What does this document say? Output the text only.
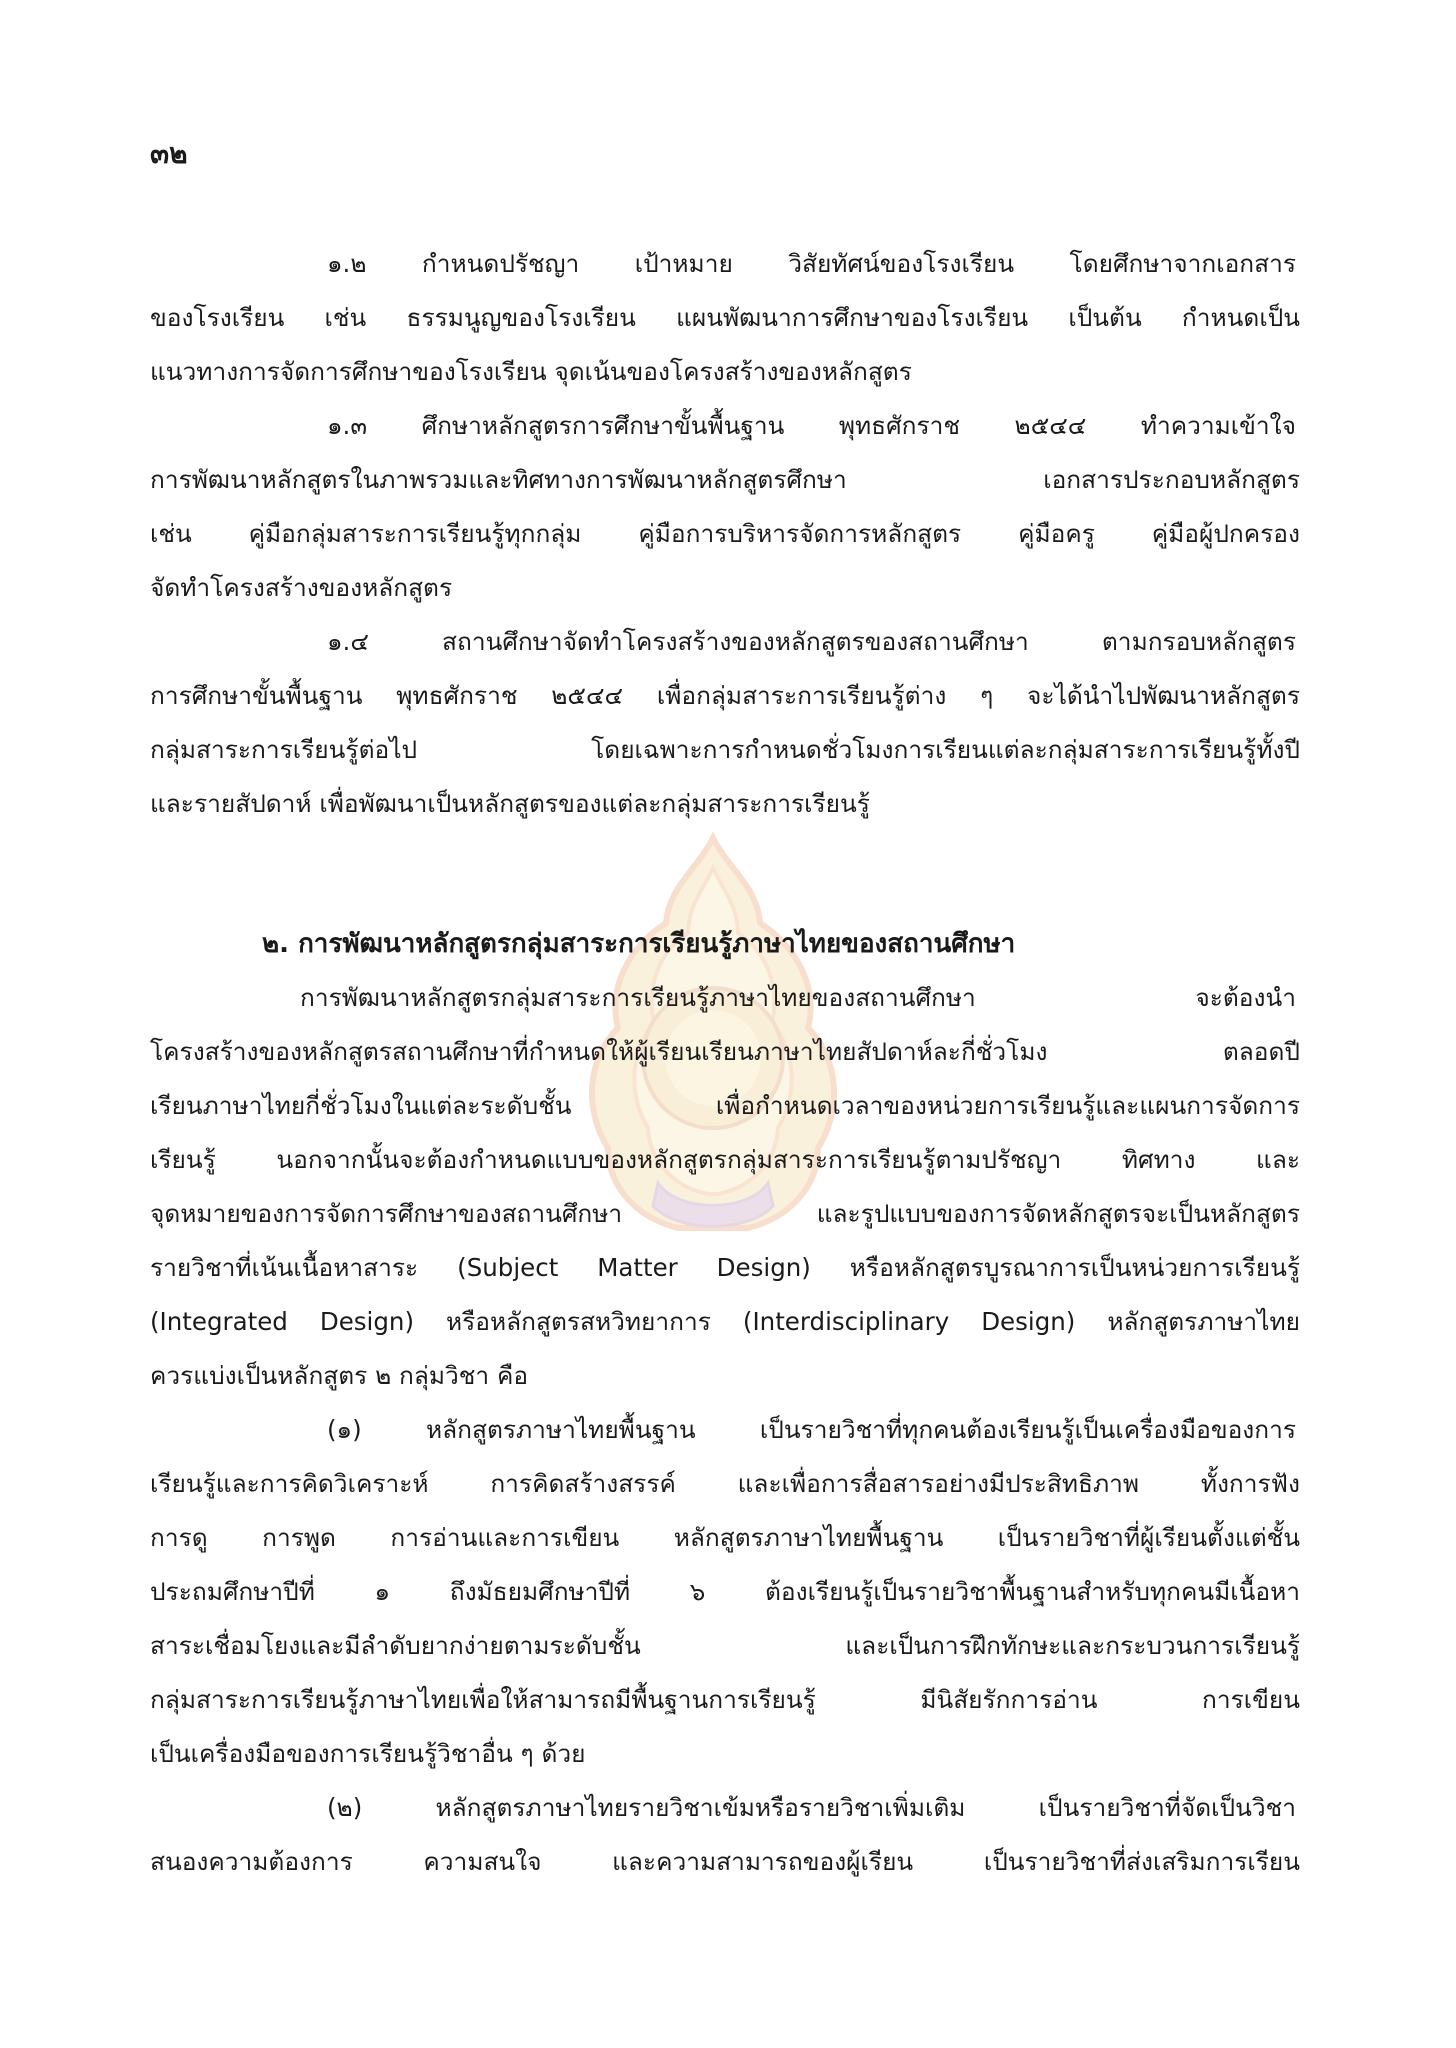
๓๒
๑.๒ กำหนดปรัชญา เป้าหมาย วิสัยทัศน์ของโรงเรียน โดยศึกษาจากเอกสาร
ของโรงเรียน เช่น ธรรมนูญของโรงเรียน แผนพัฒนาการศึกษาของโรงเรียน เป็นต้น กำหนดเป็น
แนวทางการจัดการศึกษาของโรงเรียน จุดเน้นของโครงสร้างของหลักสูตร
๑.๓ ศึกษาหลักสูตรการศึกษาขั้นพื้นฐาน พุทธศักราช ๒๕๔๔ ทำความเข้าใจ
การพัฒนาหลักสูตรในภาพรวมและทิศทางการพัฒนาหลักสูตรศึกษา เอกสารประกอบหลักสูตร
เช่น คู่มือกลุ่มสาระการเรียนรู้ทุกกลุ่ม คู่มือการบริหารจัดการหลักสูตร คู่มือครู คู่มือผู้ปกครอง
จัดทำโครงสร้างของหลักสูตร
๑.๔ สถานศึกษาจัดทำโครงสร้างของหลักสูตรของสถานศึกษา ตามกรอบหลักสูตร
การศึกษาขั้นพื้นฐาน พุทธศักราช ๒๕๔๔ เพื่อกลุ่มสาระการเรียนรู้ต่าง ๆ จะได้นำไปพัฒนาหลักสูตร
กลุ่มสาระการเรียนรู้ต่อไป โดยเฉพาะการกำหนดชั่วโมงการเรียนแต่ละกลุ่มสาระการเรียนรู้ทั้งปี
และรายสัปดาห์ เพื่อพัฒนาเป็นหลักสูตรของแต่ละกลุ่มสาระการเรียนรู้
๒. การพัฒนาหลักสูตรกลุ่มสาระการเรียนรู้ภาษาไทยของสถานศึกษา
การพัฒนาหลักสูตรกลุ่มสาระการเรียนรู้ภาษาไทยของสถานศึกษา จะต้องนำ
โครงสร้างของหลักสูตรสถานศึกษาที่กำหนดให้ผู้เรียนเรียนภาษาไทยสัปดาห์ละกี่ชั่วโมง ตลอดปี
เรียนภาษาไทยกี่ชั่วโมงในแต่ละระดับชั้น เพื่อกำหนดเวลาของหน่วยการเรียนรู้และแผนการจัดการ
เรียนรู้ นอกจากนั้นจะต้องกำหนดแบบของหลักสูตรกลุ่มสาระการเรียนรู้ตามปรัชญา ทิศทาง และ
จุดหมายของการจัดการศึกษาของสถานศึกษา และรูปแบบของการจัดหลักสูตรจะเป็นหลักสูตร
รายวิชาที่เน้นเนื้อหาสาระ (Subject Matter Design) หรือหลักสูตรบูรณาการเป็นหน่วยการเรียนรู้
(Integrated Design) หรือหลักสูตรสหวิทยาการ (Interdisciplinary Design) หลักสูตรภาษาไทย
ควรแบ่งเป็นหลักสูตร ๒ กลุ่มวิชา คือ
(๑) หลักสูตรภาษาไทยพื้นฐาน เป็นรายวิชาที่ทุกคนต้องเรียนรู้เป็นเครื่องมือของการ
เรียนรู้และการคิดวิเคราะห์ การคิดสร้างสรรค์ และเพื่อการสื่อสารอย่างมีประสิทธิภาพ ทั้งการฟัง
การดู การพูด การอ่านและการเขียน หลักสูตรภาษาไทยพื้นฐาน เป็นรายวิชาที่ผู้เรียนตั้งแต่ชั้น
ประถมศึกษาปีที่ ๑ ถึงมัธยมศึกษาปีที่ ๖ ต้องเรียนรู้เป็นรายวิชาพื้นฐานสำหรับทุกคนมีเนื้อหา
สาระเชื่อมโยงและมีลำดับยากง่ายตามระดับชั้น และเป็นการฝึกทักษะและกระบวนการเรียนรู้
กลุ่มสาระการเรียนรู้ภาษาไทยเพื่อให้สามารถมีพื้นฐานการเรียนรู้ มีนิสัยรักการอ่าน การเขียน
เป็นเครื่องมือของการเรียนรู้วิชาอื่น ๆ ด้วย
(๒) หลักสูตรภาษาไทยรายวิชาเข้มหรือรายวิชาเพิ่มเติม เป็นรายวิชาที่จัดเป็นวิชา
สนองความต้องการ ความสนใจ และความสามารถของผู้เรียน เป็นรายวิชาที่ส่งเสริมการเรียน
